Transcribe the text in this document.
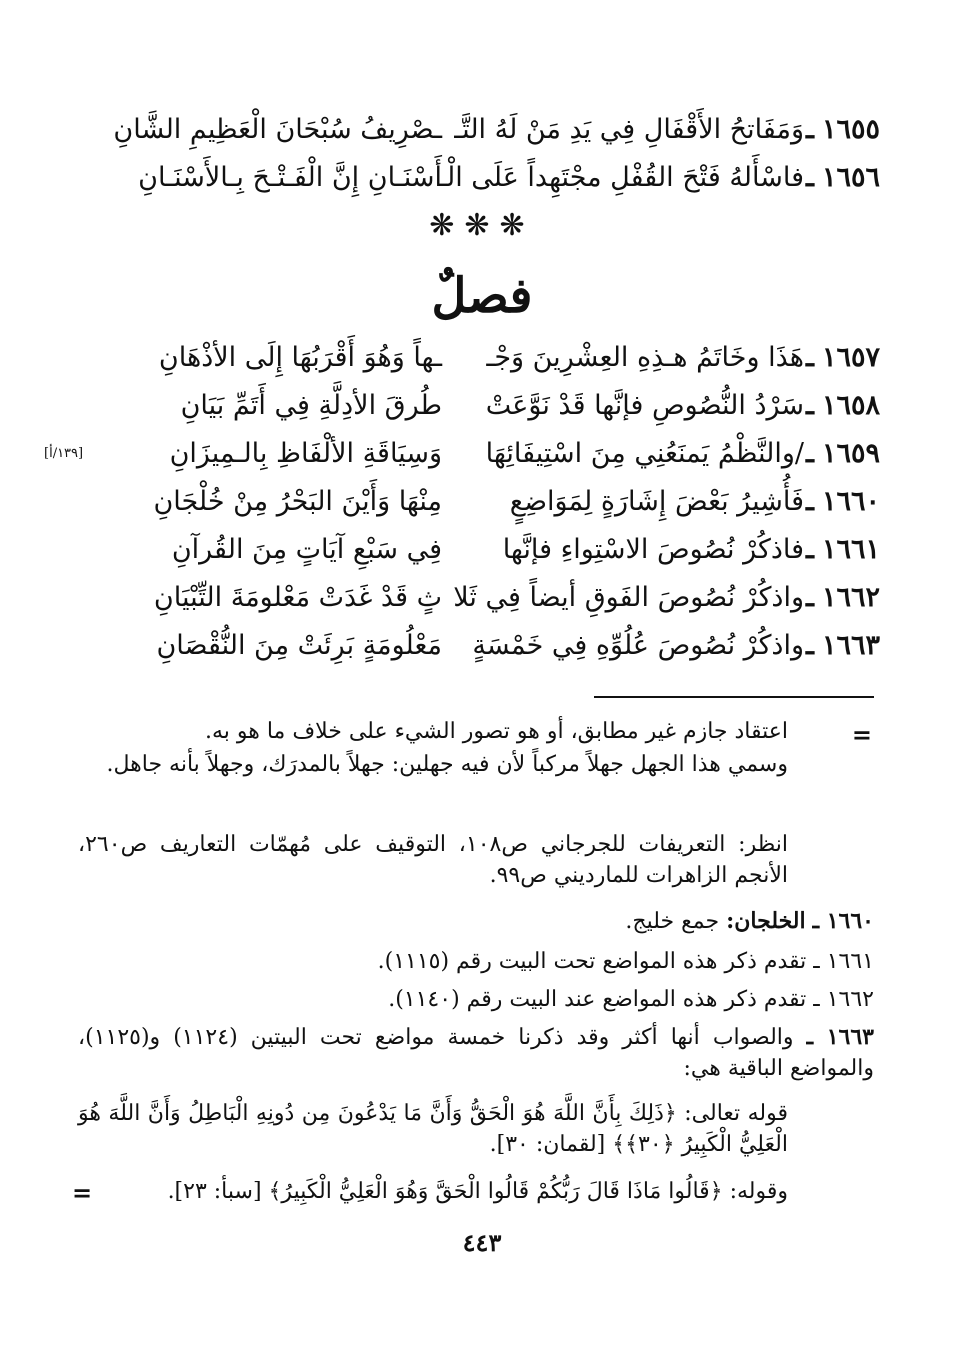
١٦٥٥
ـ
وَمَفَاتحُ الأَقْفَالِ فِي يَدِ مَنْ لَهُ التَّـ
ـصْرِيفُ سُبْحَانَ الْعَظِيمِ الشَّانِ
١٦٥٦
ـ
فاسْأَلهُ فَتْحَ القُفْلِ مجْتَهِداً عَلَى الْـ
أَسْنَـانِ إِنَّ الْفَـتْـحَ بِـالأَسْنَـانِ
❋❋❋
فصلٌ
١٦٥٧
ـ
هَذَا وخَاتَمُ هـذِهِ العِشْرِينَ وَجْـ
ـهاً وَهُوَ أَقْرَبُهَا إِلَى الأذْهَانِ
١٦٥٨
ـ
سَرْدُ النُّصُوصِ فإنَّها قَدْ نَوَّعَتْ
طُرقَ الأدِلَّةِ فِي أَتَمِّ بَيَانِ
١٦٥٩
ـ
/والنَّظْمُ يَمنَعُنِي مِنَ اسْتِيفَائِهَا
وَسِيَاقَةِ الألْفَاظِ بِالـمِيزَانِ
[١٣٩/أ]
١٦٦٠
ـ
فَأُشِيرُ بَعْضَ إِشَارَةٍ لِمَوَاضِعٍ
مِنْهَا وَأَيْنَ البَحْرُ مِنْ خُلْجَانِ
١٦٦١
ـ
فاذكُرْ نُصُوصَ الاسْتِواءِ فإنَّها
فِي سَبْعِ آيَاتٍ مِنَ القُرآنِ
١٦٦٢
ـ
واذكُرْ نُصُوصَ الفَوقِ أيضاً فِي ثَلا
ثٍ قَدْ غَدَتْ مَعْلومَةَ التِّبْيَانِ
١٦٦٣
ـ
واذكُرْ نُصُوصَ عُلُوِّهِ فِي خَمْسَةٍ
مَعْلُومَةٍ بَرِئَتْ مِنَ النُّقْصَانِ
=
اعتقاد جازم غير مطابق، أو هو تصور الشيء على خلاف ما هو به.
وسمي هذا الجهل جهلاً مركباً لأن فيه جهلين: جهلاً بالمدرَك، وجهلاً بأنه جاهل.
انظر: التعريفات للجرجاني ص١٠٨، التوقيف على مُهمّات التعاريف ص٢٦٠، الأنجم الزاهرات للمارديني ص٩٩.
١٦٦٠ ـ الخلجان: جمع خليج.
١٦٦١ ـ تقدم ذكر هذه المواضع تحت البيت رقم (١١١٥).
١٦٦٢ ـ تقدم ذكر هذه المواضع عند البيت رقم (١١٤٠).
١٦٦٣ ـ والصواب أنها أكثر وقد ذكرنا خمسة مواضع تحت البيتين (١١٢٤) و(١١٢٥)، والمواضع الباقية هي:
قوله تعالى: ﴿ذَلِكَ بِأَنَّ اللَّهَ هُوَ الْحَقُّ وَأَنَّ مَا يَدْعُونَ مِن دُونِهِ الْبَاطِلُ وَأَنَّ اللَّهَ هُوَ الْعَلِيُّ الْكَبِيرُ ﴿٣٠﴾﴾ [لقمان: ٣٠].
وقوله: ﴿قَالُوا مَاذَا قَالَ رَبُّكُمْ قَالُوا الْحَقَّ وَهُوَ الْعَلِيُّ الْكَبِيرُ﴾ [سبأ: ٢٣].
=
٤٤٣
